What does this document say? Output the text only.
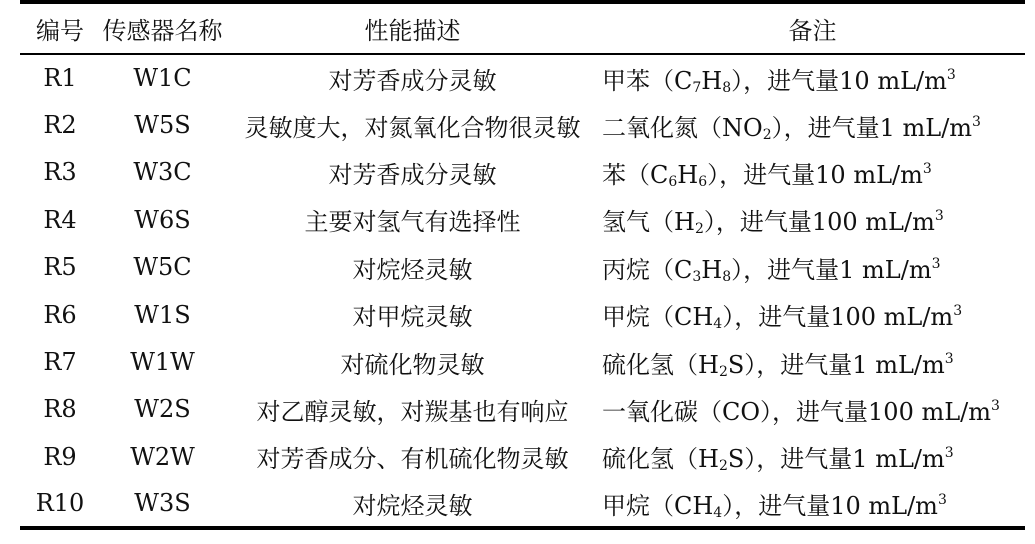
编号	传感器名称	性能描述	备注
R1	W1C	对芳香成分灵敏	甲苯$(C_7H_8)$，进气量10 $mL/m^3$
R2	W5S	灵敏度大，对氮氧化合物很灵敏	二氧化氮$(NO_2)$，进气量1 $mL/m^3$
R3	W3C	对芳香成分灵敏	苯$(C_6H_6)$，进气量10 $mL/m^3$
R4	W6S	主要对氢气有选择性	氢气$(H_2)$，进气量100 $mL/m^3$
R5	W5C	对烷烃灵敏	丙烷$(C_3H_8)$，进气量1 $mL/m^3$
R6	W1S	对甲烷灵敏	甲烷$(CH_4)$，进气量100 $mL/m^3$
R7	W1W	对硫化物灵敏	硫化氢$(H_2S)$，进气量1 $mL/m^3$
R8	W2S	对乙醇灵敏，对羰基也有响应	一氧化碳（CO），进气量100 $mL/m^3$
R9	W2W	对芳香成分、有机硫化物灵敏	硫化氢$(H_2S)$，进气量1 $mL/m^3$
R10	W3S	对烷烃灵敏	甲烷$(CH_4)$，进气量10 $mL/m^3$
